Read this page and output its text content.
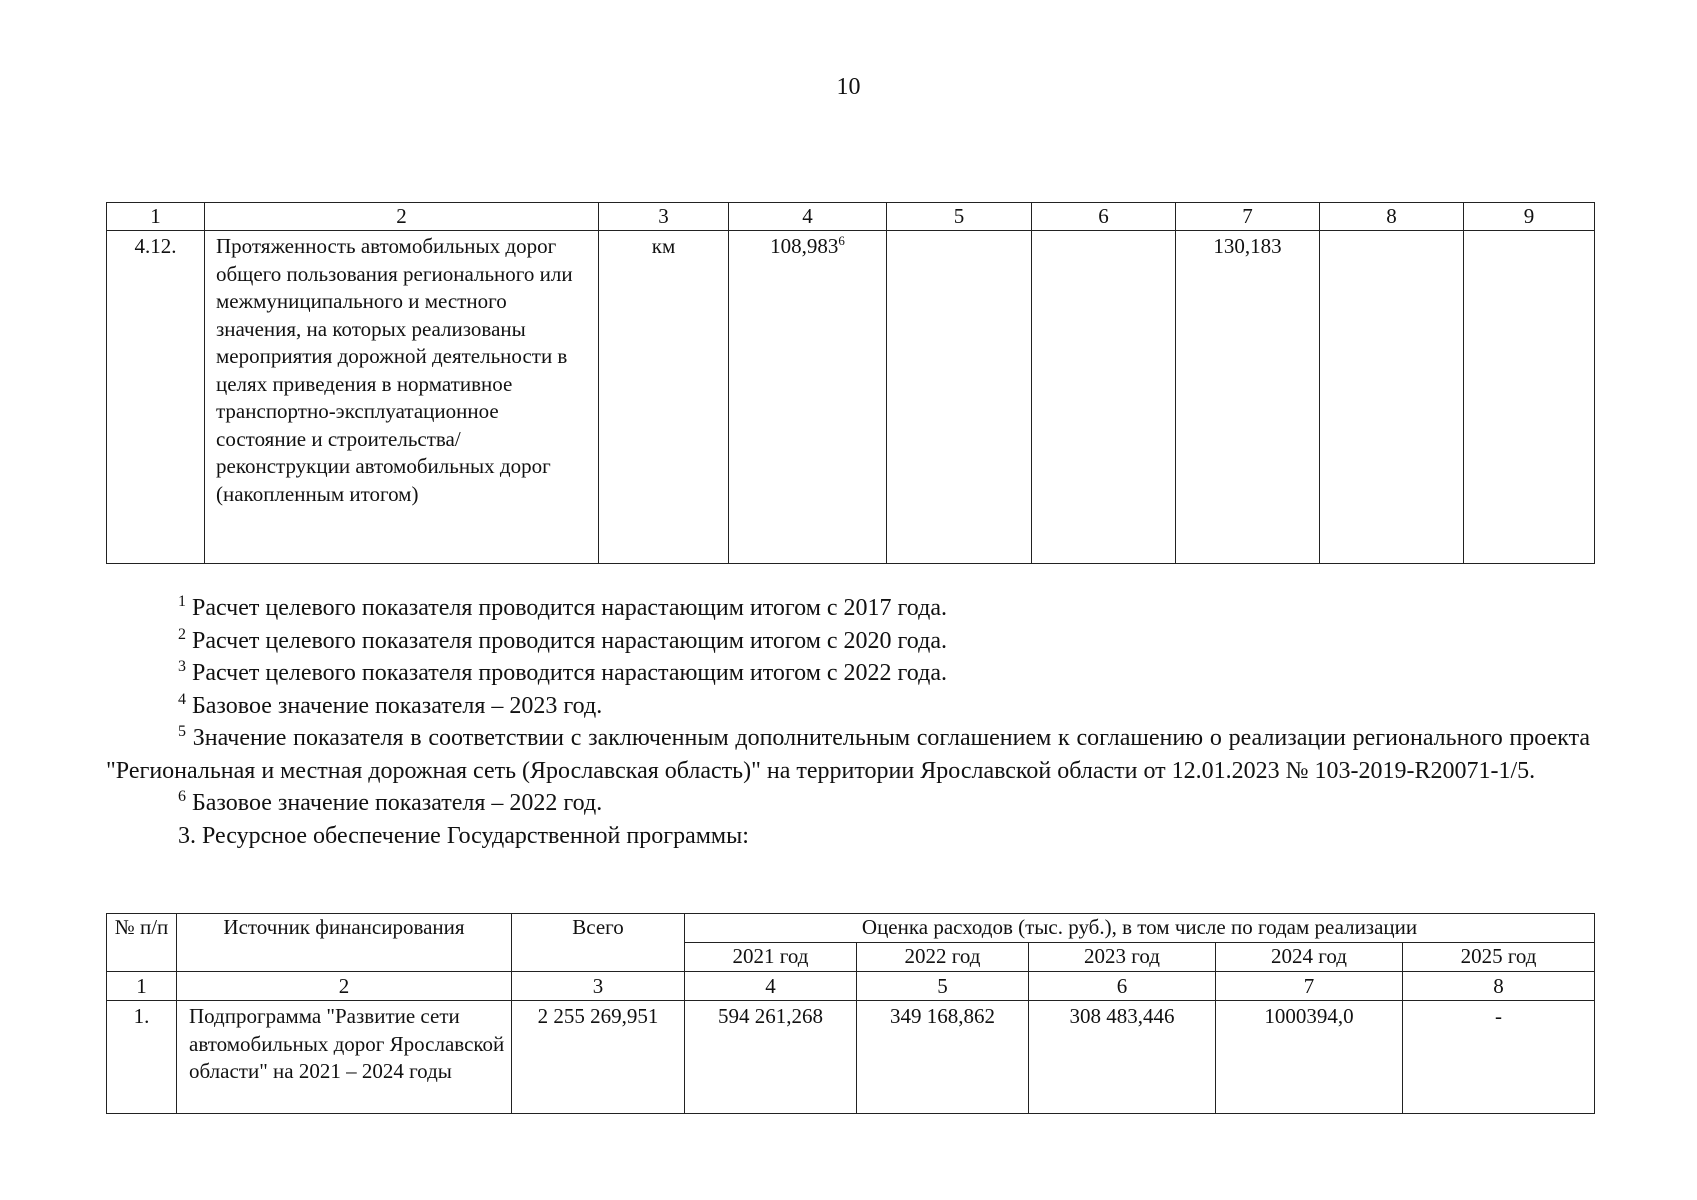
10
1	2	3	4	5	6	7	8	9
4.12.	Протяженность автомобильных дорог общего пользования регионального или межмуниципального и местного значения, на которых реализованы мероприятия дорожной деятельности в целях приведения в нормативное транспортно-эксплуатационное состояние и строительства/реконструкции автомобильных дорог (накопленным итогом)	км	108,983$^6$			130,183		

$^1$ Расчет целевого показателя проводится нарастающим итогом с 2017 года.

$^2$ Расчет целевого показателя проводится нарастающим итогом с 2020 года.

$^3$ Расчет целевого показателя проводится нарастающим итогом с 2022 года.

$^4$ Базовое значение показателя – 2023 год.

$^5$ Значение показателя в соответствии с заключенным дополнительным соглашением к соглашению о реализации регионального проекта "Региональная и местная дорожная сеть (Ярославская область)" на территории Ярославской области от 12.01.2023 № 103-2019-R20071-1/5.

$^6$ Базовое значение показателя – 2022 год.

3. Ресурсное обеспечение Государственной программы:

№ п/п	Источник финансирования	Всего	Оценка расходов (тыс. руб.), в том числе по годам реализации				
			2021 год	2022 год	2023 год	2024 год	2025 год
1	2	3	4	5	6	7	8
1.	Подпрограмма "Развитие сети автомобильных дорог Ярославской области" на 2021 – 2024 годы	2 255 269,951	594 261,268	349 168,862	308 483,446	1000394,0	-
